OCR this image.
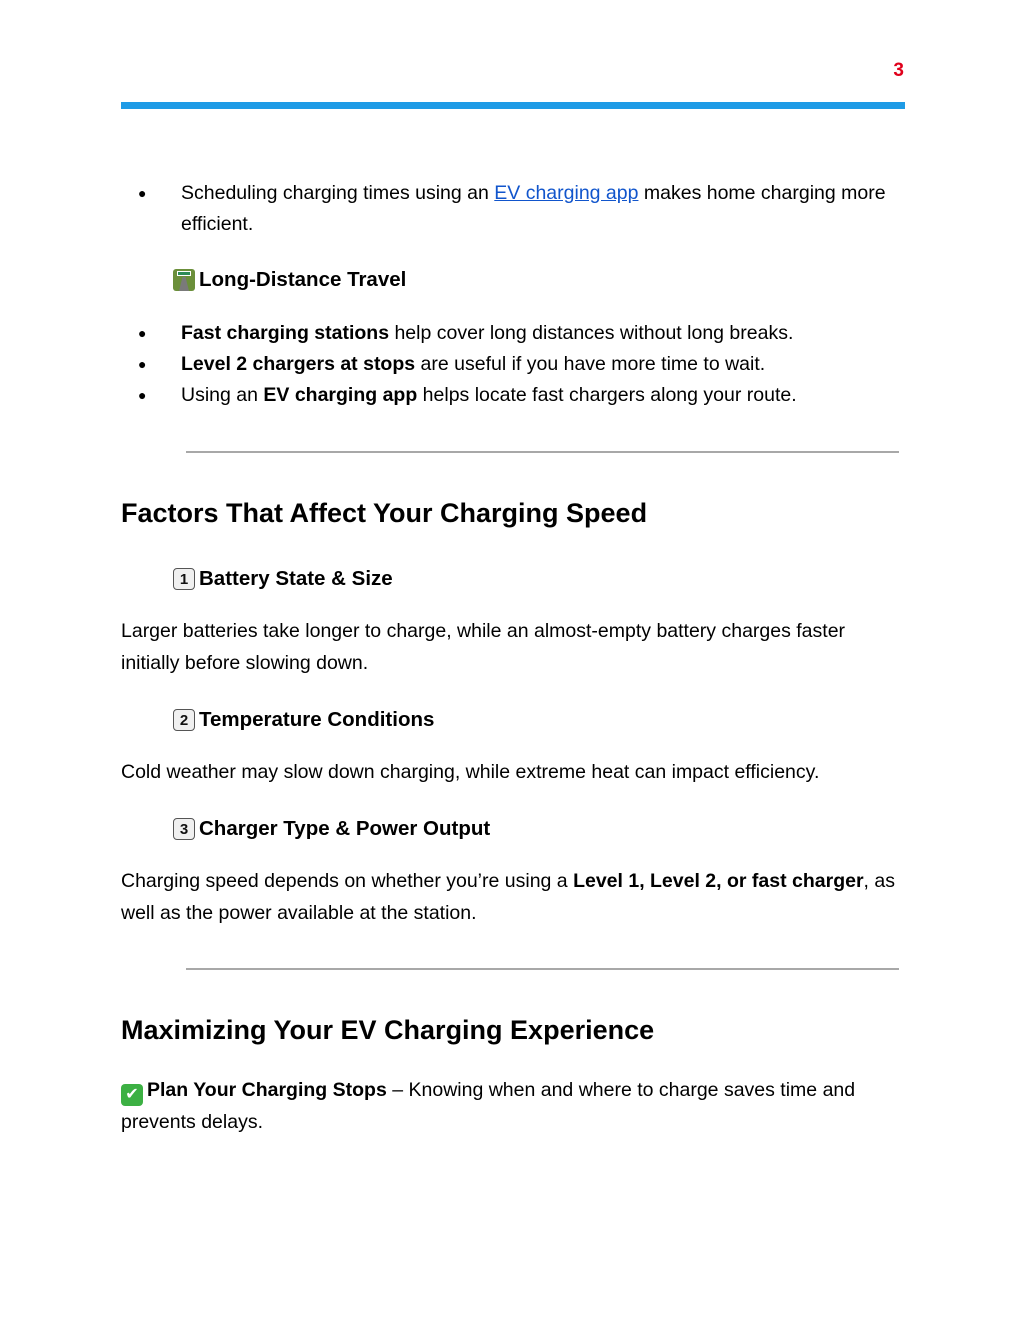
3
● Scheduling charging times using an EV charging app makes home charging more efficient.
Long-Distance Travel
● Fast charging stations help cover long distances without long breaks.
● Level 2 chargers at stops are useful if you have more time to wait.
● Using an EV charging app helps locate fast chargers along your route.
Factors That Affect Your Charging Speed
1 Battery State & Size

Larger batteries take longer to charge, while an almost-empty battery charges faster initially before slowing down.

2 Temperature Conditions

Cold weather may slow down charging, while extreme heat can impact efficiency.

3 Charger Type & Power Output

Charging speed depends on whether you’re using a Level 1, Level 2, or fast charger, as well as the power available at the station.

Maximizing Your EV Charging Experience

✔ Plan Your Charging Stops – Knowing when and where to charge saves time and prevents delays.
